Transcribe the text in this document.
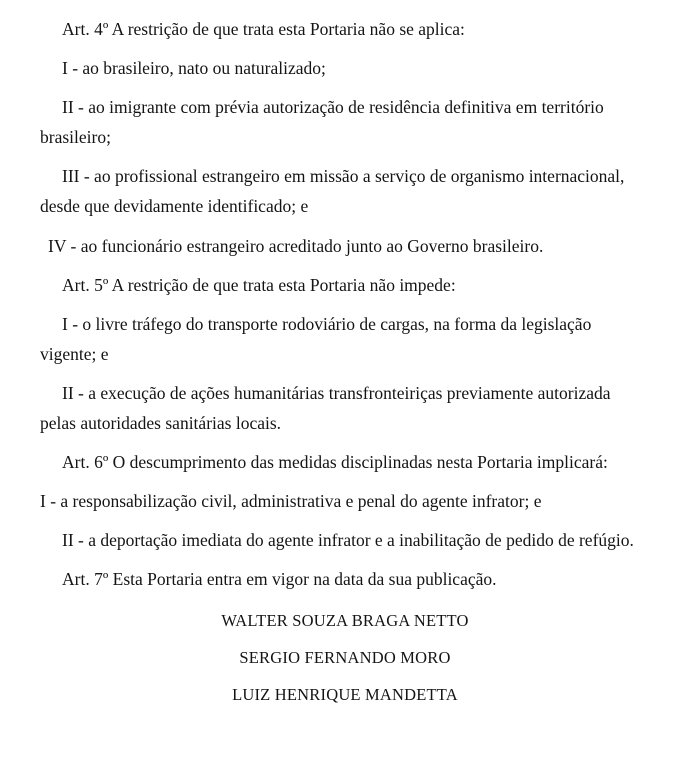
Art. 4º A restrição de que trata esta Portaria não se aplica:

I - ao brasileiro, nato ou naturalizado;

II - ao imigrante com prévia autorização de residência definitiva em território brasileiro;

III - ao profissional estrangeiro em missão a serviço de organismo internacional, desde que devidamente identificado; e

IV - ao funcionário estrangeiro acreditado junto ao Governo brasileiro.

Art. 5º A restrição de que trata esta Portaria não impede:

I - o livre tráfego do transporte rodoviário de cargas, na forma da legislação vigente; e

II - a execução de ações humanitárias transfronteiriças previamente autorizada pelas autoridades sanitárias locais.

Art. 6º O descumprimento das medidas disciplinadas nesta Portaria implicará:

I - a responsabilização civil, administrativa e penal do agente infrator; e

II - a deportação imediata do agente infrator e a inabilitação de pedido de refúgio.

Art. 7º Esta Portaria entra em vigor na data da sua publicação.

WALTER SOUZA BRAGA NETTO

SERGIO FERNANDO MORO

LUIZ HENRIQUE MANDETTA
